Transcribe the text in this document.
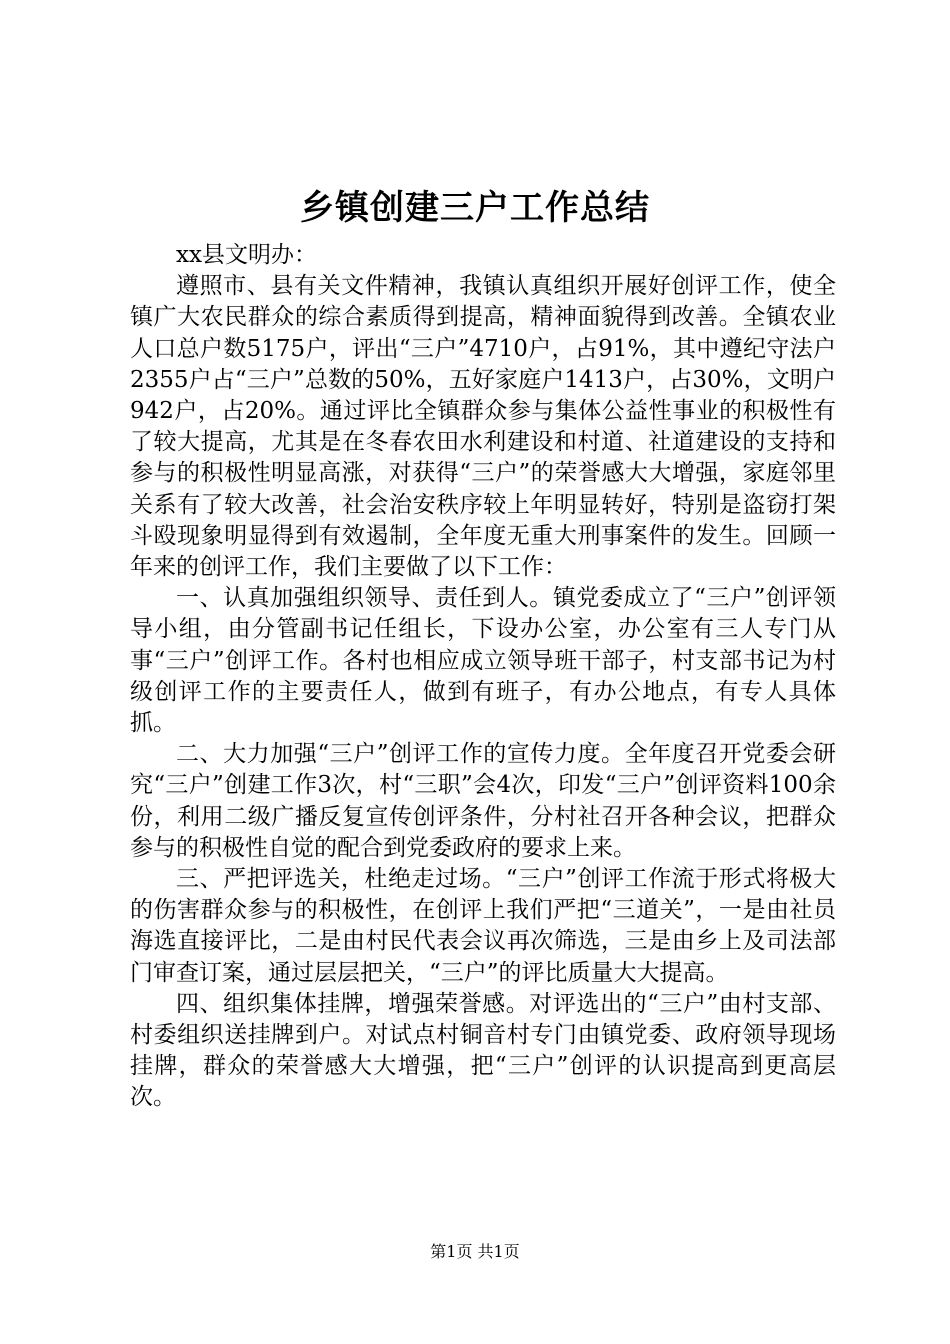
乡镇创建三户工作总结

xx县文明办：

遵照市、县有关文件精神，我镇认真组织开展好创评工作，使全镇广大农民群众的综合素质得到提高，精神面貌得到改善。全镇农业人口总户数5175户，评出“三户”4710户，占91%，其中遵纪守法户2355户占“三户”总数的50%，五好家庭户1413户，占30%，文明户942户，占20%。通过评比全镇群众参与集体公益性事业的积极性有了较大提高，尤其是在冬春农田水利建设和村道、社道建设的支持和参与的积极性明显高涨，对获得“三户”的荣誉感大大增强，家庭邻里关系有了较大改善，社会治安秩序较上年明显转好，特别是盗窃打架斗殴现象明显得到有效遏制，全年度无重大刑事案件的发生。回顾一年来的创评工作，我们主要做了以下工作：

一、认真加强组织领导、责任到人。镇党委成立了“三户”创评领导小组，由分管副书记任组长，下设办公室，办公室有三人专门从事“三户”创评工作。各村也相应成立领导班干部子，村支部书记为村级创评工作的主要责任人，做到有班子，有办公地点，有专人具体抓。

二、大力加强“三户”创评工作的宣传力度。全年度召开党委会研究“三户”创建工作3次，村“三职”会4次，印发“三户”创评资料100余份，利用二级广播反复宣传创评条件，分村社召开各种会议，把群众参与的积极性自觉的配合到党委政府的要求上来。

三、严把评选关，杜绝走过场。“三户”创评工作流于形式将极大的伤害群众参与的积极性，在创评上我们严把“三道关”，一是由社员海选直接评比，二是由村民代表会议再次筛选，三是由乡上及司法部门审查订案，通过层层把关，“三户”的评比质量大大提高。

四、组织集体挂牌，增强荣誉感。对评选出的“三户”由村支部、村委组织送挂牌到户。对试点村铜音村专门由镇党委、政府领导现场挂牌，群众的荣誉感大大增强，把“三户”创评的认识提高到更高层次。

第1页 共1页
